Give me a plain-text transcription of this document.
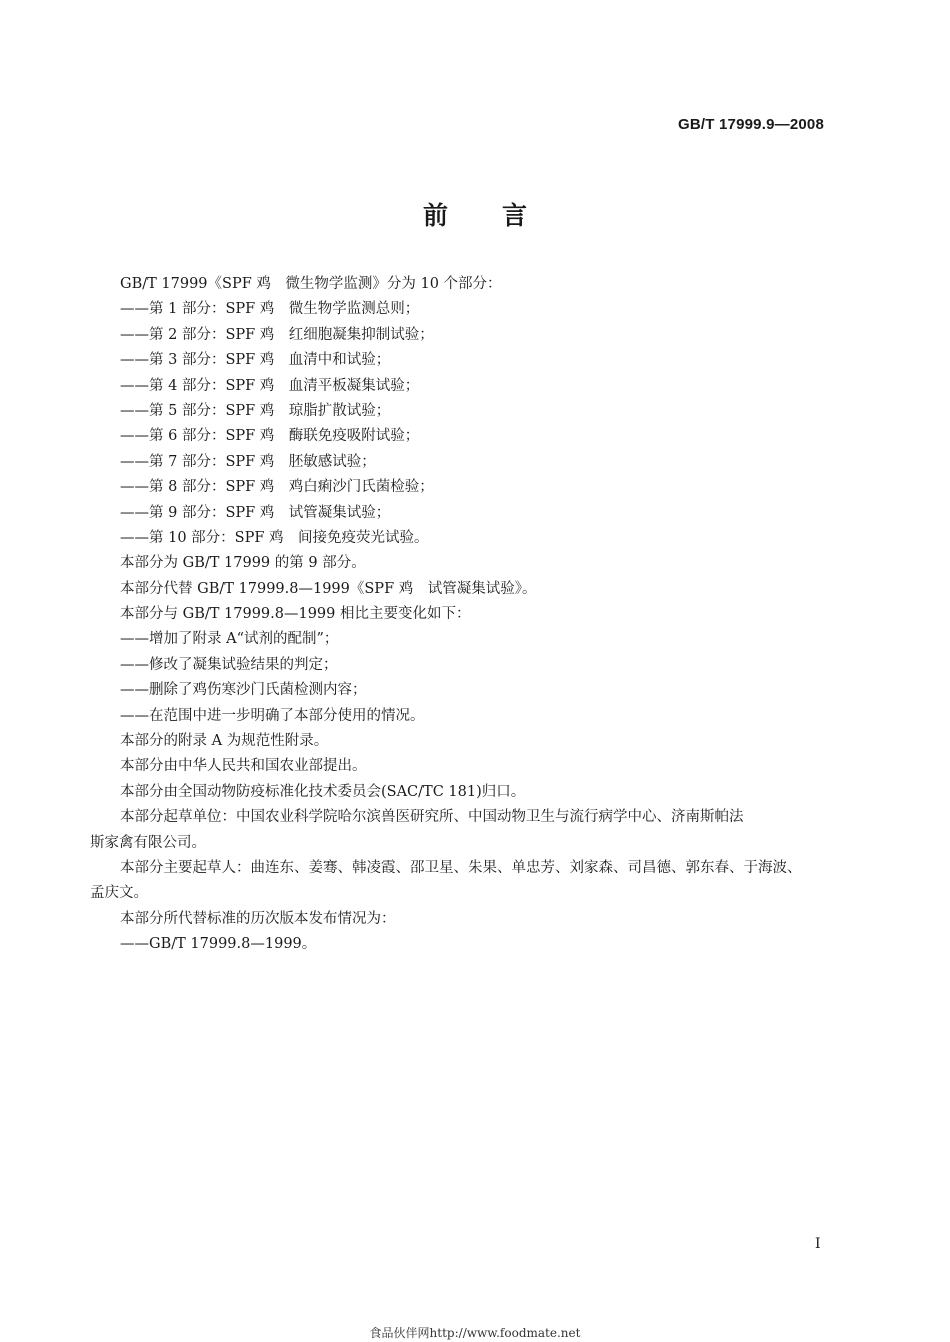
GB/T 17999.9—2008
前言
GB/T 17999《SPF 鸡　微生物学监测》分为 10 个部分：
——第 1 部分：SPF 鸡　微生物学监测总则；
——第 2 部分：SPF 鸡　红细胞凝集抑制试验；
——第 3 部分：SPF 鸡　血清中和试验；
——第 4 部分：SPF 鸡　血清平板凝集试验；
——第 5 部分：SPF 鸡　琼脂扩散试验；
——第 6 部分：SPF 鸡　酶联免疫吸附试验；
——第 7 部分：SPF 鸡　胚敏感试验；
——第 8 部分：SPF 鸡　鸡白痢沙门氏菌检验；
——第 9 部分：SPF 鸡　试管凝集试验；
——第 10 部分：SPF 鸡　间接免疫荧光试验。
本部分为 GB/T 17999 的第 9 部分。
本部分代替 GB/T 17999.8—1999《SPF 鸡　试管凝集试验》。
本部分与 GB/T 17999.8—1999 相比主要变化如下：
——增加了附录 A“试剂的配制”；
——修改了凝集试验结果的判定；
——删除了鸡伤寒沙门氏菌检测内容；
——在范围中进一步明确了本部分使用的情况。
本部分的附录 A 为规范性附录。
本部分由中华人民共和国农业部提出。
本部分由全国动物防疫标准化技术委员会(SAC/TC 181)归口。
本部分起草单位：中国农业科学院哈尔滨兽医研究所、中国动物卫生与流行病学中心、济南斯帕法
斯家禽有限公司。
本部分主要起草人：曲连东、姜骞、韩凌霞、邵卫星、朱果、单忠芳、刘家森、司昌德、郭东春、于海波、
孟庆文。
本部分所代替标准的历次版本发布情况为：
——GB/T 17999.8—1999。
I
食品伙伴网http://www.foodmate.net
